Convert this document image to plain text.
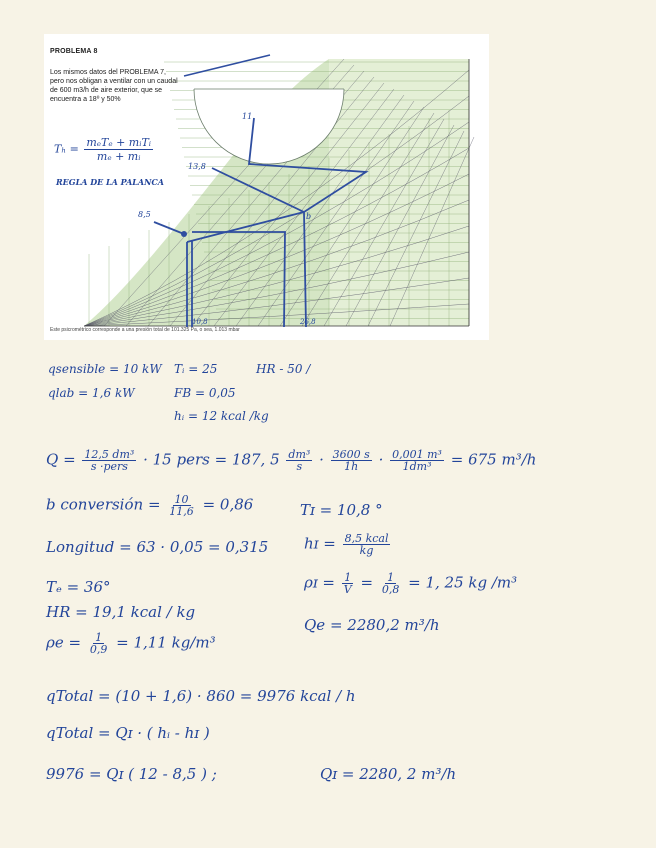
PROBLEMA 8
Los mismos datos del PROBLEMA 7, pero nos obligan a ventilar con un caudal de 600 m3/h de aire exterior, que se encuentra a 18º y 50%
Este psicrométrico corresponde a una presión total de 101.325 Pa, o sea, 1.013 mbar
$T_h = \frac{\text{mₑTₑ + mᵢTᵢ}}{\text{mₑ + mᵢ}}$
REGLA DE LA PALANCA
11
13,8
8,5	b
10,8	26,8
qsensible = 10 kW Tᵢ = 25	HR - 50 /
qlab = 1,6 kW	FB = 0,05
hᵢ = 12 kcal /kg
$Q = \frac{\text{12,5 dm³}}{\text{s ·pers}} \cdot 15$ pers = 187, $5 \frac{\text{dm³}}{s} \cdot \frac{3600 s}{1h} \cdot \frac{\text{0,001 m³}}{\text{1dm³}} = 675$ m³/h
b conversión = $\frac{10}{11,6} = 0,86$	Tɪ = 10,8 °
Longitud = 63 · 0,05 = 0,315 hɪ = $\frac{\text{8,5 kcal}}{kg}$
Tₑ = 36°	ρɪ = $\frac{1}{V} = \frac{1}{0,8} = 1$, 25 kg /m³
HR = 19,1 kcal / kg
Qe = 2280,2 m³/h
$\rho e = \frac{1}{0,9} = 1,11$ kg/m³
qTotal = (10 + 1,6) · 860 = 9976 kcal / h
qTotal = Qɪ · ( hᵢ - hɪ )
9976 = Qɪ ( 12 - 8,5 ) ;	Qɪ = 2280, 2 m³/h
